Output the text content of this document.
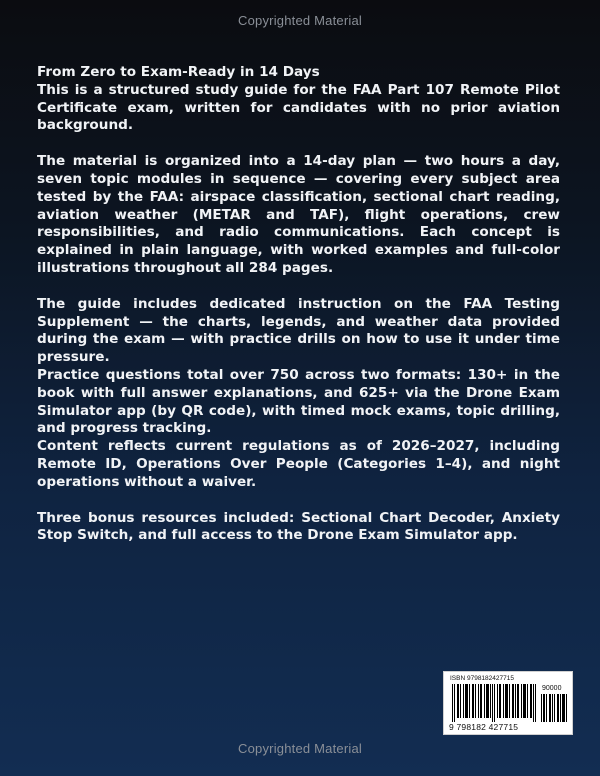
Copyrighted Material

From Zero to Exam-Ready in 14 Days

This is a structured study guide for the FAA Part 107 Remote Pilot Certificate exam, written for candidates with no prior aviation background.

The material is organized into a 14-day plan — two hours a day, seven topic modules in sequence — covering every subject area tested by the FAA: airspace classification, sectional chart reading, aviation weather (METAR and TAF), flight operations, crew responsibilities, and radio communications. Each concept is explained in plain language, with worked examples and full-color illustrations throughout all 284 pages.

The guide includes dedicated instruction on the FAA Testing Supplement — the charts, legends, and weather data provided during the exam — with practice drills on how to use it under time pressure.

Practice questions total over 750 across two formats: 130+ in the book with full answer explanations, and 625+ via the Drone Exam Simulator app (by QR code), with timed mock exams, topic drilling, and progress tracking.

Content reflects current regulations as of 2026–2027, including Remote ID, Operations Over People (Categories 1–4), and night operations without a waiver.

Three bonus resources included: Sectional Chart Decoder, Anxiety Stop Switch, and full access to the Drone Exam Simulator app.

ISBN 9798182427715
90000
9 798182 427715
Copyrighted Material
